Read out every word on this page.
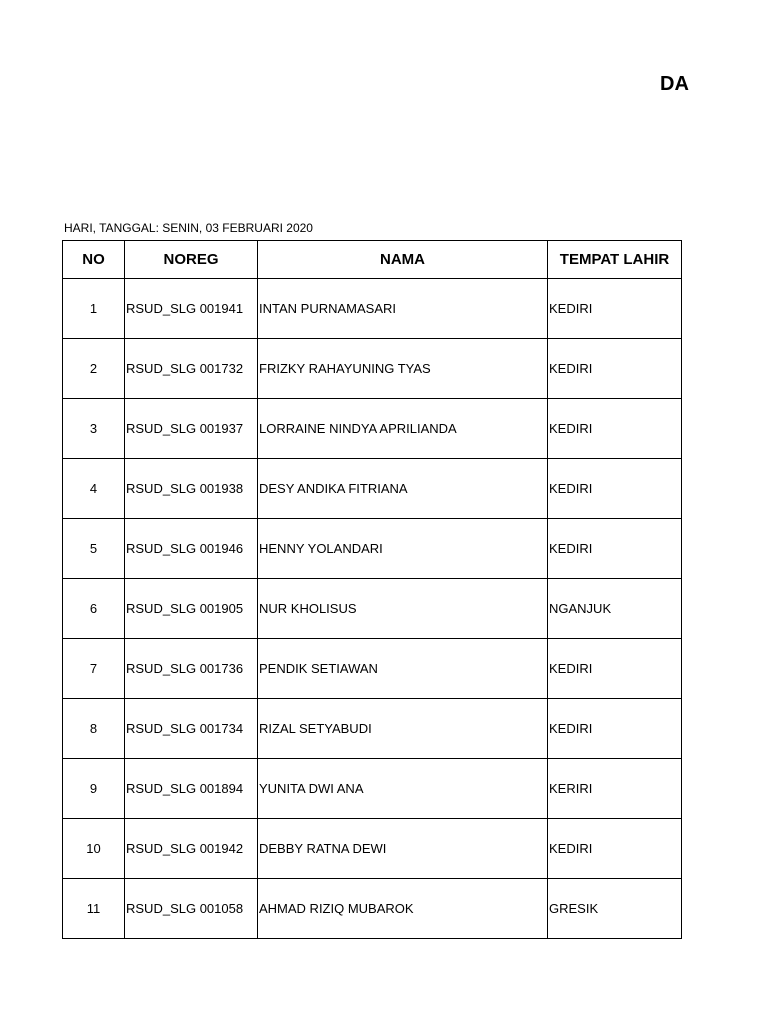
DA
HARI, TANGGAL: SENIN, 03 FEBRUARI 2020
NO	NOREG	NAMA	TEMPAT LAHIR
1	RSUD_SLG 001941	INTAN PURNAMASARI	KEDIRI
2	RSUD_SLG 001732	FRIZKY RAHAYUNING TYAS	KEDIRI
3	RSUD_SLG 001937	LORRAINE NINDYA APRILIANDA	KEDIRI
4	RSUD_SLG 001938	DESY ANDIKA FITRIANA	KEDIRI
5	RSUD_SLG 001946	HENNY YOLANDARI	KEDIRI
6	RSUD_SLG 001905	NUR KHOLISUS	NGANJUK
7	RSUD_SLG 001736	PENDIK SETIAWAN	KEDIRI
8	RSUD_SLG 001734	RIZAL SETYABUDI	KEDIRI
9	RSUD_SLG 001894	YUNITA DWI ANA	KERIRI
10	RSUD_SLG 001942	DEBBY RATNA DEWI	KEDIRI
11	RSUD_SLG 001058	AHMAD RIZIQ MUBAROK	GRESIK
